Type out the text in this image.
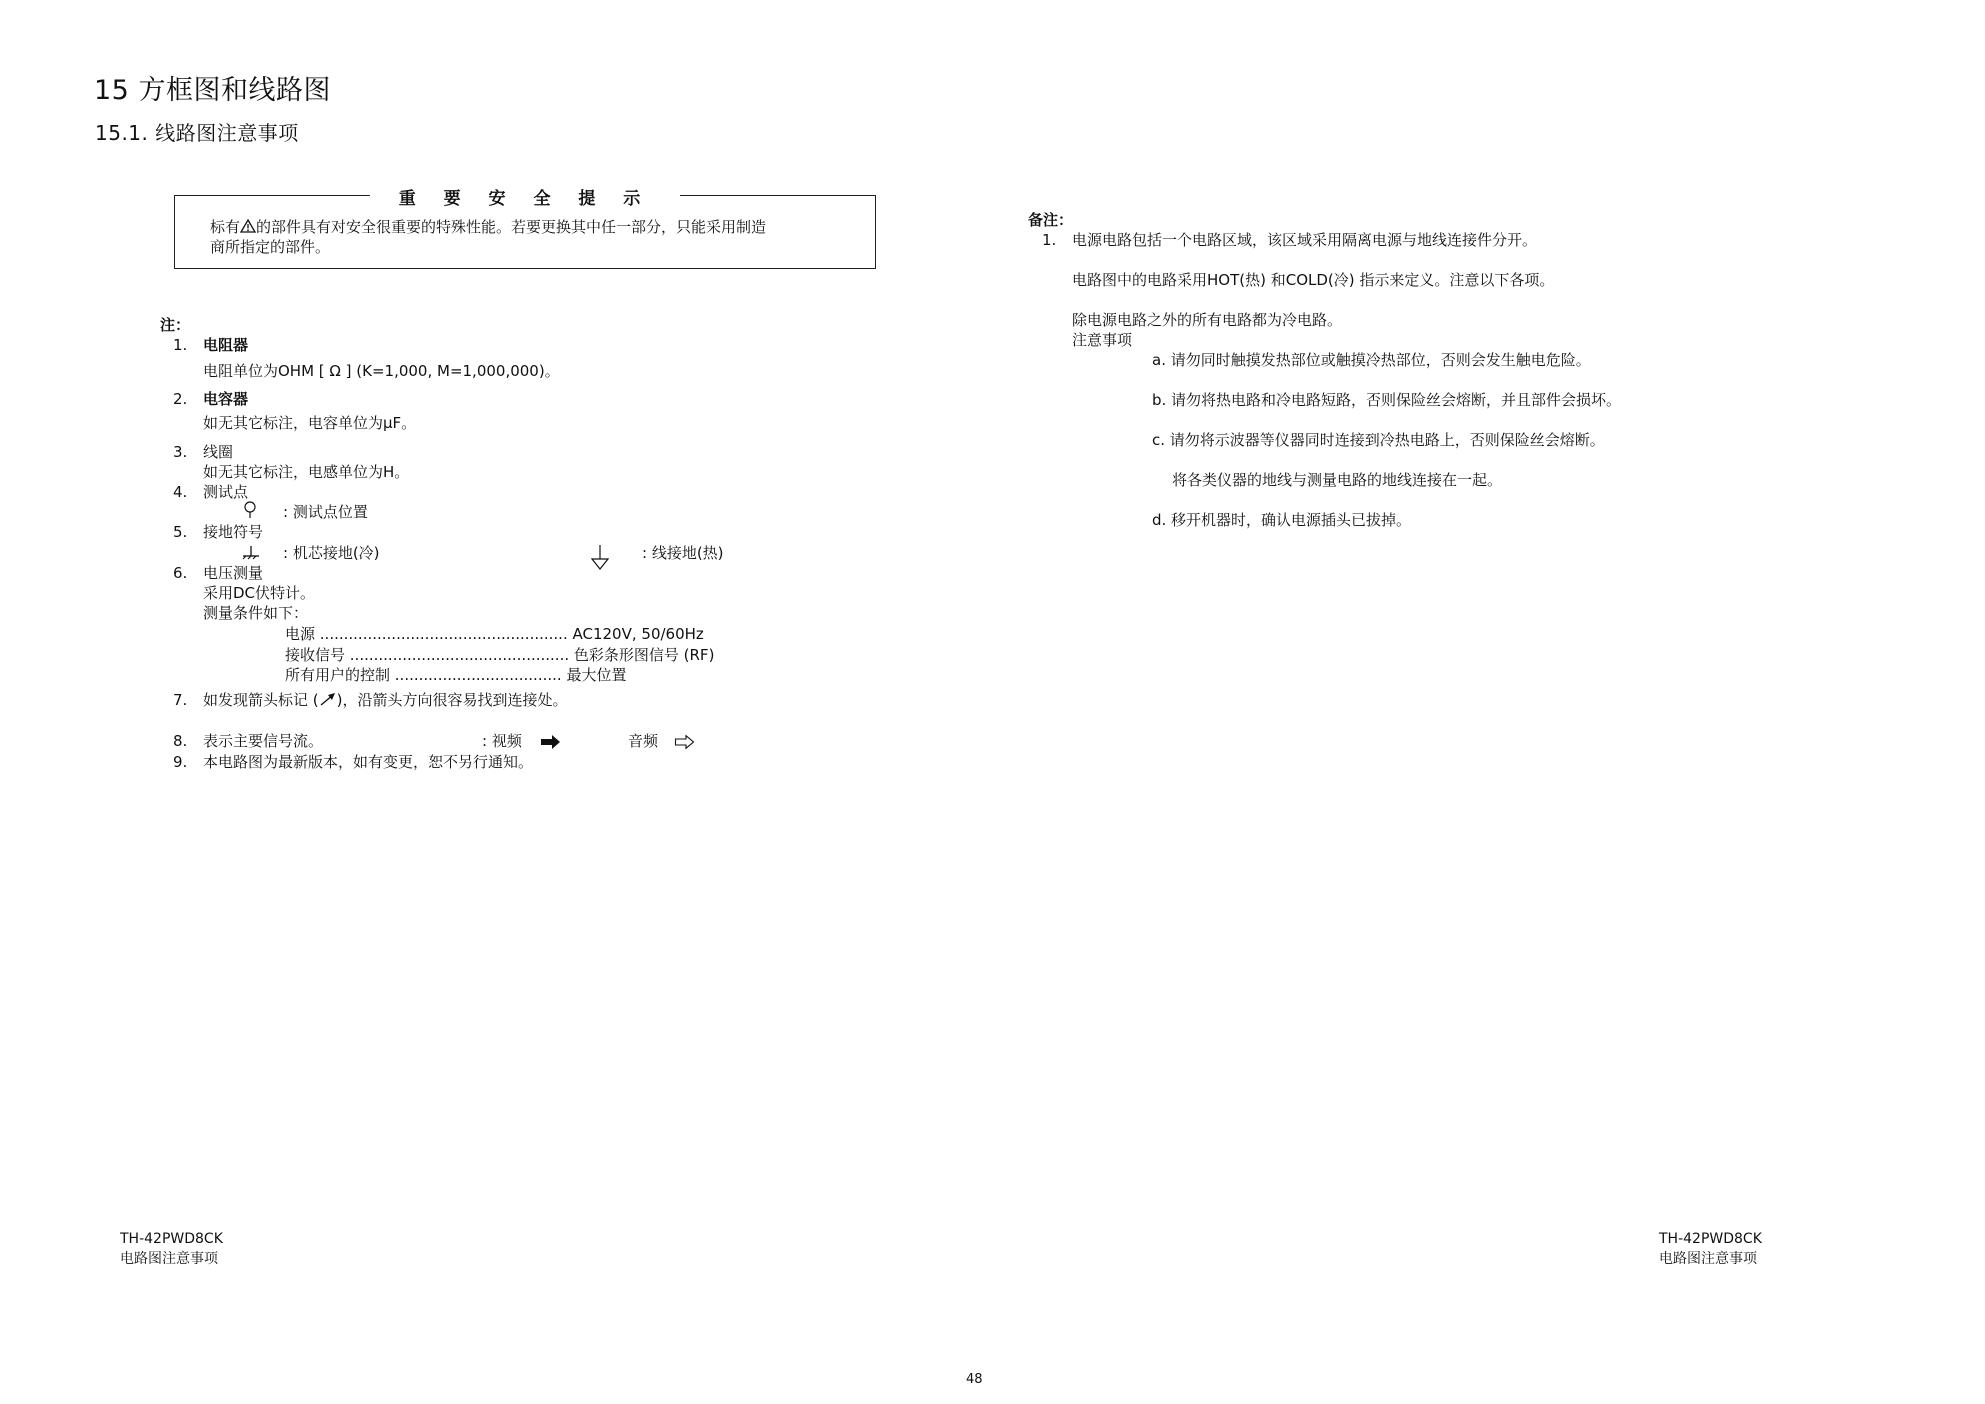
15 方框图和线路图
15.1. 线路图注意事项
重 要 安 全 提 示
标有 的部件具有对安全很重要的特殊性能。若要更换其中任一部分，只能采用制造
商所指定的部件。
注：
1. 电阻器
电阻单位为OHM [ Ω ] (K=1,000, M=1,000,000)。
2. 电容器
如无其它标注，电容单位为μF。
3. 线圈
如无其它标注，电感单位为H。
4. 测试点
: 测试点位置
5. 接地符号
: 机芯接地(冷)	: 线接地(热)
6. 电压测量
采用DC伏特计。
测量条件如下：
电源 .................................................... AC120V, 50/60Hz
接收信号 .............................................. 色彩条形图信号 (RF)
所有用户的控制 ................................... 最大位置
7. 如发现箭头标记 ( )，沿箭头方向很容易找到连接处。
8. 表示主要信号流。	: 视频	音频
9. 本电路图为最新版本，如有变更，恕不另行通知。
备注：
1. 电源电路包括一个电路区域，该区域采用隔离电源与地线连接件分开。
电路图中的电路采用HOT(热) 和COLD(冷) 指示来定义。注意以下各项。
除电源电路之外的所有电路都为冷电路。
注意事项
a. 请勿同时触摸发热部位或触摸冷热部位，否则会发生触电危险。
b. 请勿将热电路和冷电路短路，否则保险丝会熔断，并且部件会损坏。
c. 请勿将示波器等仪器同时连接到冷热电路上，否则保险丝会熔断。
将各类仪器的地线与测量电路的地线连接在一起。
d. 移开机器时，确认电源插头已拔掉。
TH-42PWD8CK
电路图注意事项
TH-42PWD8CK
电路图注意事项
48
